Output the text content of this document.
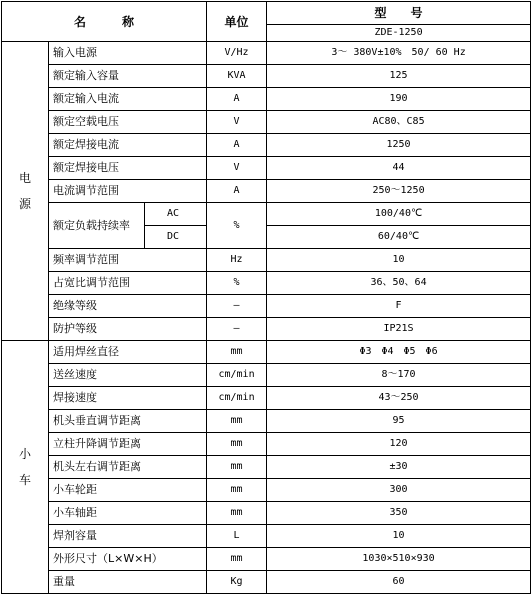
名　　　称			单位	型　　号
				ZDE-1250
电源	输入电源		V/Hz	3～ 380V±10%　50/ 60 Hz
	额定输入容量		KVA	125
	额定输入电流		A	190
	额定空载电压		V	AC80、C85
	额定焊接电流		A	1250
	额定焊接电压		V	44
	电流调节范围		A	250～1250
	额定负载持续率	AC	%	100/40℃
		DC		60/40℃
	频率调节范围		Hz	10
	占宽比调节范围		%	36、50、64
	绝缘等级		–	F
	防护等级		–	IP21S
小车	适用焊丝直径		mm	Φ3　Φ4　Φ5　Φ6
	送丝速度		cm/min	8～170
	焊接速度		cm/min	43～250
	机头垂直调节距离		mm	95
	立柱升降调节距离		mm	120
	机头左右调节距离		mm	±30
	小车轮距		mm	300
	小车轴距		mm	350
	焊剂容量		L	10
	外形尺寸（L×W×H）		mm	1030×510×930
	重量		Kg	60
